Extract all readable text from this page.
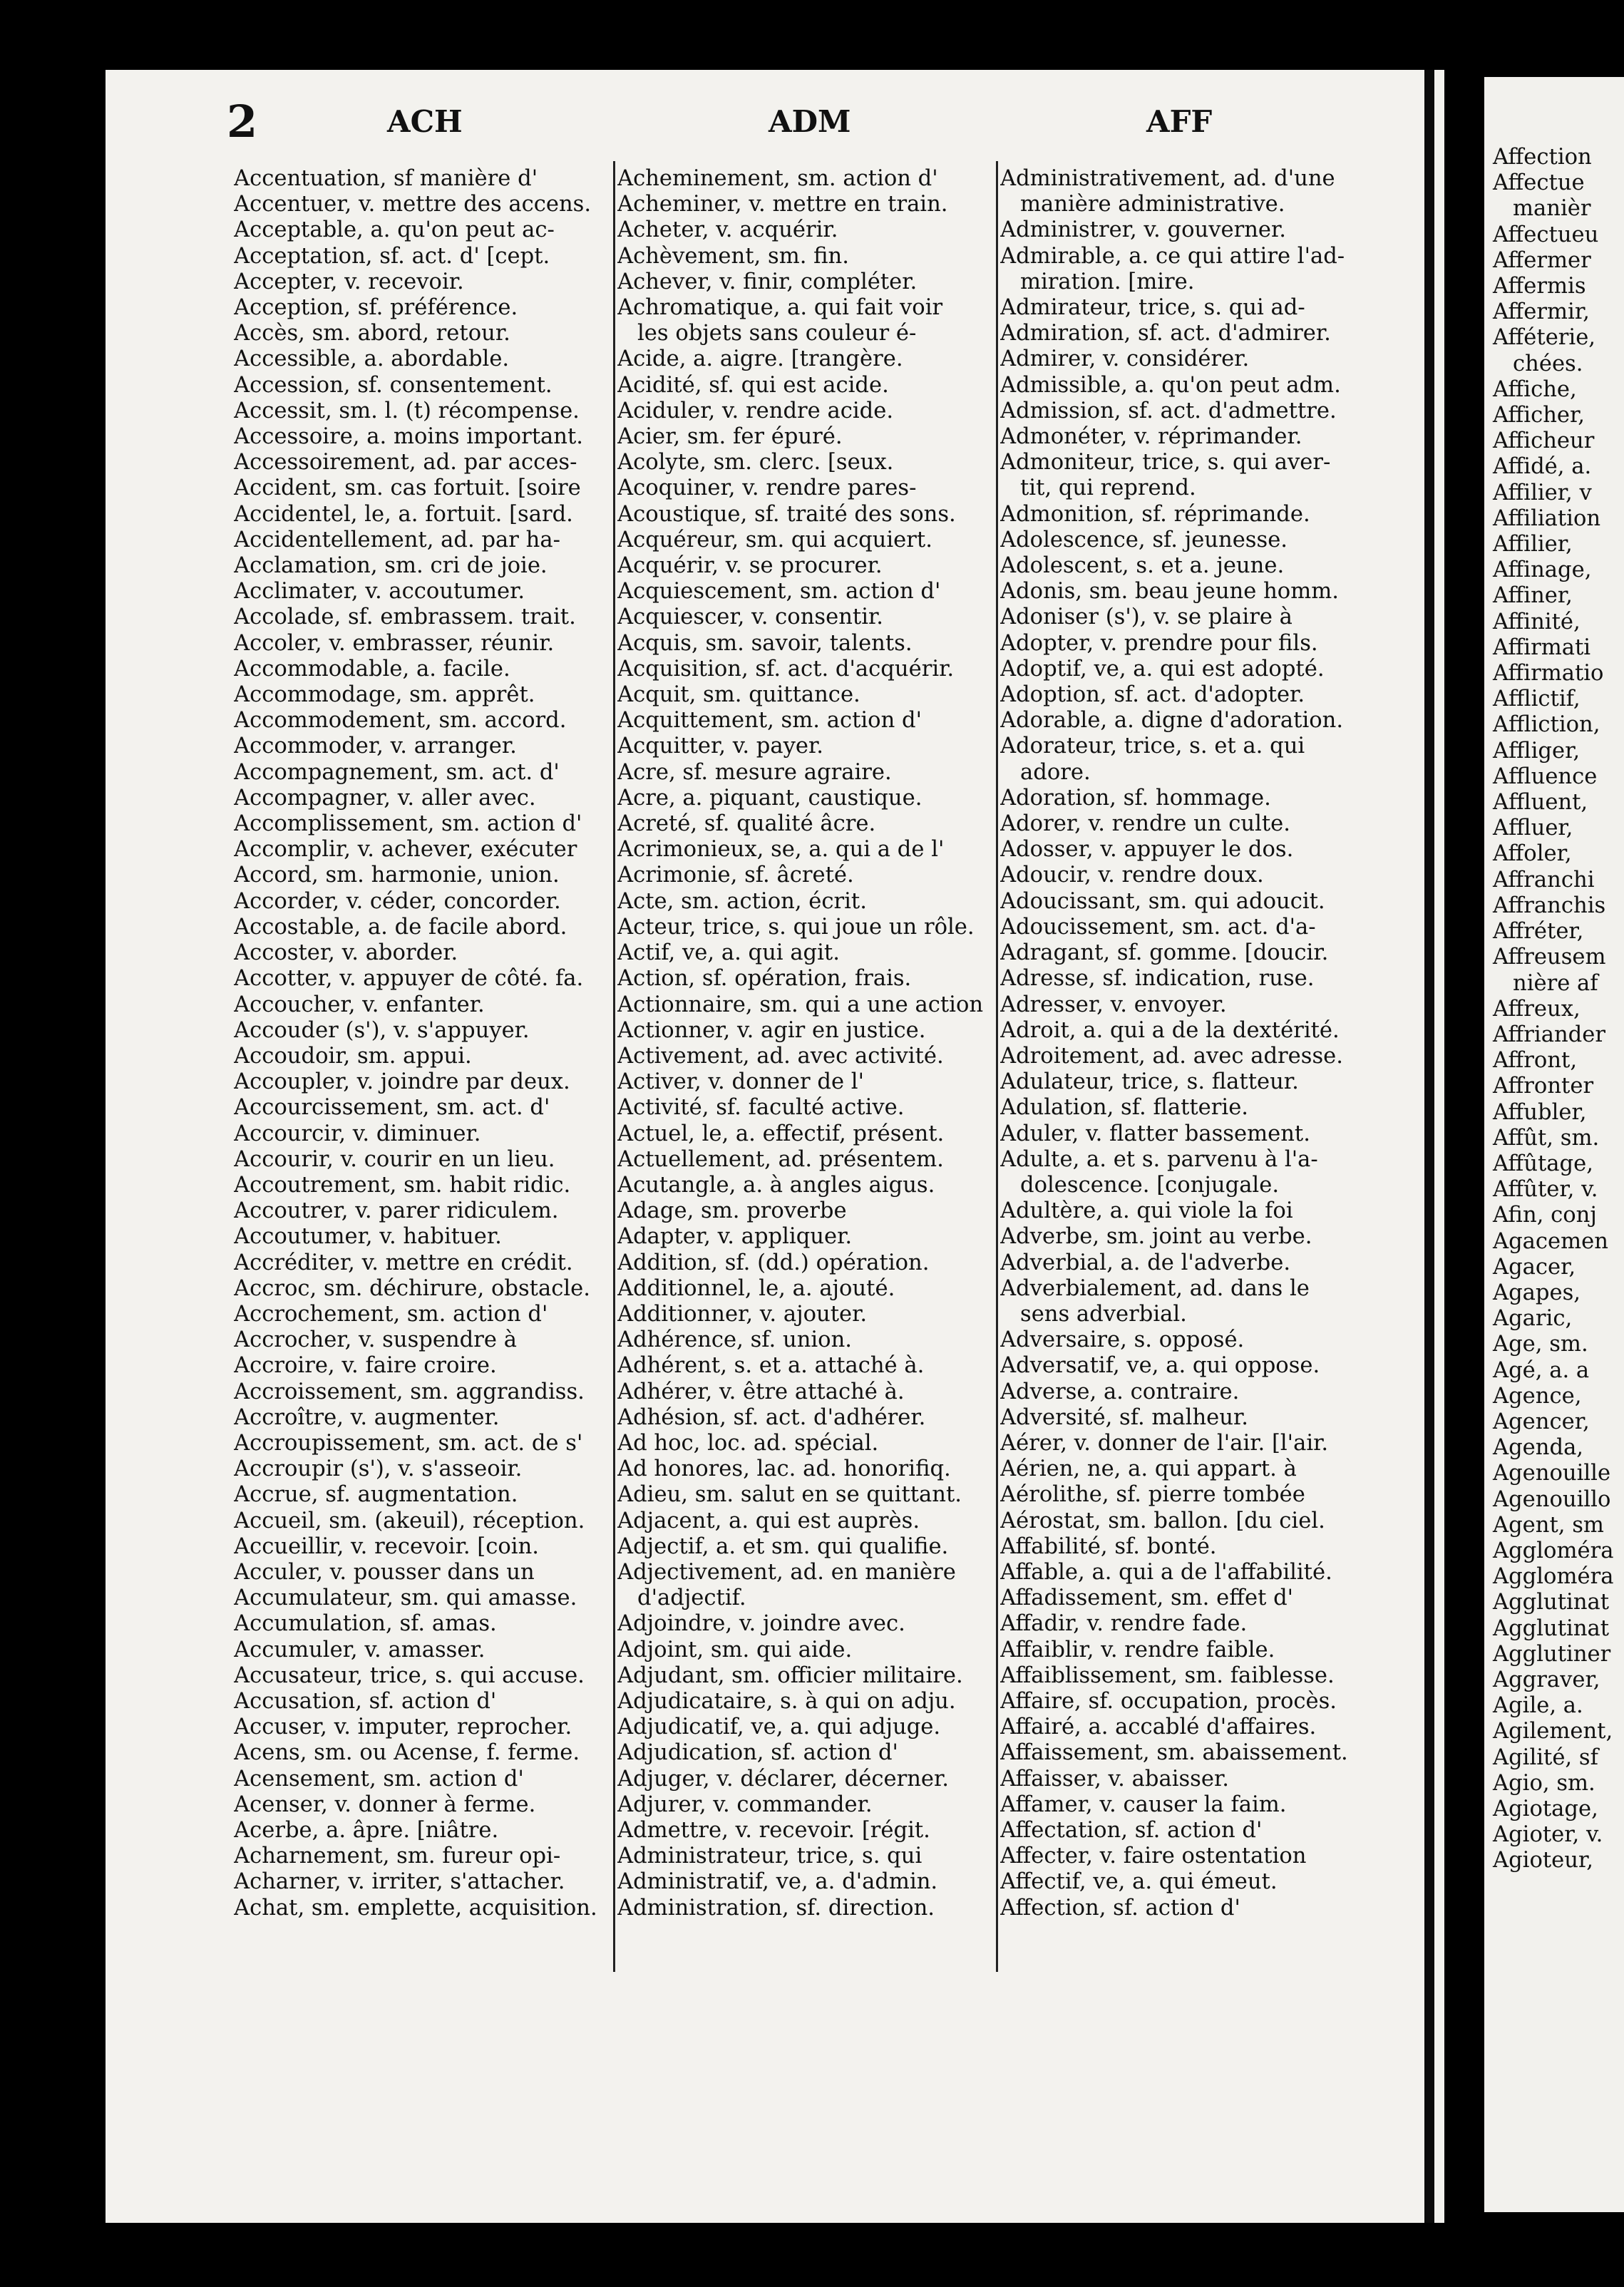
2	ACH	ADM	AFF
Accentuation, sf manière d'
Accentuer, v. mettre des accens.
Acceptable, a. qu'on peut ac-
Acceptation, sf. act. d' [cept.
Accepter, v. recevoir.
Acception, sf. préférence.
Accès, sm. abord, retour.
Accessible, a. abordable.
Accession, sf. consentement.
Accessit, sm. l. (t) récompense.
Accessoire, a. moins important.
Accessoirement, ad. par acces-
Accident, sm. cas fortuit. [soire
Accidentel, le, a. fortuit. [sard.
Accidentellement, ad. par ha-
Acclamation, sm. cri de joie.
Acclimater, v. accoutumer.
Accolade, sf. embrassem. trait.
Accoler, v. embrasser, réunir.
Accommodable, a. facile.
Accommodage, sm. apprêt.
Accommodement, sm. accord.
Accommoder, v. arranger.
Accompagnement, sm. act. d'
Accompagner, v. aller avec.
Accomplissement, sm. action d'
Accomplir, v. achever, exécuter
Accord, sm. harmonie, union.
Accorder, v. céder, concorder.
Accostable, a. de facile abord.
Accoster, v. aborder.
Accotter, v. appuyer de côté. fa.
Accoucher, v. enfanter.
Accouder (s'), v. s'appuyer.
Accoudoir, sm. appui.
Accoupler, v. joindre par deux.
Accourcissement, sm. act. d'
Accourcir, v. diminuer.
Accourir, v. courir en un lieu.
Accoutrement, sm. habit ridic.
Accoutrer, v. parer ridiculem.
Accoutumer, v. habituer.
Accréditer, v. mettre en crédit.
Accroc, sm. déchirure, obstacle.
Accrochement, sm. action d'
Accrocher, v. suspendre à
Accroire, v. faire croire.
Accroissement, sm. aggrandiss.
Accroître, v. augmenter.
Accroupissement, sm. act. de s'
Accroupir (s'), v. s'asseoir.
Accrue, sf. augmentation.
Accueil, sm. (akeuil), réception.
Accueillir, v. recevoir. [coin.
Acculer, v. pousser dans un
Accumulateur, sm. qui amasse.
Accumulation, sf. amas.
Accumuler, v. amasser.
Accusateur, trice, s. qui accuse.
Accusation, sf. action d'
Accuser, v. imputer, reprocher.
Acens, sm. ou Acense, f. ferme.
Acensement, sm. action d'
Acenser, v. donner à ferme.
Acerbe, a. âpre. [niâtre.
Acharnement, sm. fureur opi-
Acharner, v. irriter, s'attacher.
Achat, sm. emplette, acquisition.
Acheminement, sm. action d'
Acheminer, v. mettre en train.
Acheter, v. acquérir.
Achèvement, sm. fin.
Achever, v. finir, compléter.
Achromatique, a. qui fait voir
les objets sans couleur é-
Acide, a. aigre. [trangère.
Acidité, sf. qui est acide.
Aciduler, v. rendre acide.
Acier, sm. fer épuré.
Acolyte, sm. clerc. [seux.
Acoquiner, v. rendre pares-
Acoustique, sf. traité des sons.
Acquéreur, sm. qui acquiert.
Acquérir, v. se procurer.
Acquiescement, sm. action d'
Acquiescer, v. consentir.
Acquis, sm. savoir, talents.
Acquisition, sf. act. d'acquérir.
Acquit, sm. quittance.
Acquittement, sm. action d'
Acquitter, v. payer.
Acre, sf. mesure agraire.
Acre, a. piquant, caustique.
Acreté, sf. qualité âcre.
Acrimonieux, se, a. qui a de l'
Acrimonie, sf. âcreté.
Acte, sm. action, écrit.
Acteur, trice, s. qui joue un rôle.
Actif, ve, a. qui agit.
Action, sf. opération, frais.
Actionnaire, sm. qui a une action
Actionner, v. agir en justice.
Activement, ad. avec activité.
Activer, v. donner de l'
Activité, sf. faculté active.
Actuel, le, a. effectif, présent.
Actuellement, ad. présentem.
Acutangle, a. à angles aigus.
Adage, sm. proverbe
Adapter, v. appliquer.
Addition, sf. (dd.) opération.
Additionnel, le, a. ajouté.
Additionner, v. ajouter.
Adhérence, sf. union.
Adhérent, s. et a. attaché à.
Adhérer, v. être attaché à.
Adhésion, sf. act. d'adhérer.
Ad hoc, loc. ad. spécial.
Ad honores, lac. ad. honorifiq.
Adieu, sm. salut en se quittant.
Adjacent, a. qui est auprès.
Adjectif, a. et sm. qui qualifie.
Adjectivement, ad. en manière
d'adjectif.
Adjoindre, v. joindre avec.
Adjoint, sm. qui aide.
Adjudant, sm. officier militaire.
Adjudicataire, s. à qui on adju.
Adjudicatif, ve, a. qui adjuge.
Adjudication, sf. action d'
Adjuger, v. déclarer, décerner.
Adjurer, v. commander.
Admettre, v. recevoir. [régit.
Administrateur, trice, s. qui
Administratif, ve, a. d'admin.
Administration, sf. direction.
Administrativement, ad. d'une
manière administrative.
Administrer, v. gouverner.
Admirable, a. ce qui attire l'ad-
miration. [mire.
Admirateur, trice, s. qui ad-
Admiration, sf. act. d'admirer.
Admirer, v. considérer.
Admissible, a. qu'on peut adm.
Admission, sf. act. d'admettre.
Admonéter, v. réprimander.
Admoniteur, trice, s. qui aver-
tit, qui reprend.
Admonition, sf. réprimande.
Adolescence, sf. jeunesse.
Adolescent, s. et a. jeune.
Adonis, sm. beau jeune homm.
Adoniser (s'), v. se plaire à
Adopter, v. prendre pour fils.
Adoptif, ve, a. qui est adopté.
Adoption, sf. act. d'adopter.
Adorable, a. digne d'adoration.
Adorateur, trice, s. et a. qui
adore.
Adoration, sf. hommage.
Adorer, v. rendre un culte.
Adosser, v. appuyer le dos.
Adoucir, v. rendre doux.
Adoucissant, sm. qui adoucit.
Adoucissement, sm. act. d'a-
Adragant, sf. gomme. [doucir.
Adresse, sf. indication, ruse.
Adresser, v. envoyer.
Adroit, a. qui a de la dextérité.
Adroitement, ad. avec adresse.
Adulateur, trice, s. flatteur.
Adulation, sf. flatterie.
Aduler, v. flatter bassement.
Adulte, a. et s. parvenu à l'a-
dolescence. [conjugale.
Adultère, a. qui viole la foi
Adverbe, sm. joint au verbe.
Adverbial, a. de l'adverbe.
Adverbialement, ad. dans le
sens adverbial.
Adversaire, s. opposé.
Adversatif, ve, a. qui oppose.
Adverse, a. contraire.
Adversité, sf. malheur.
Aérer, v. donner de l'air. [l'air.
Aérien, ne, a. qui appart. à
Aérolithe, sf. pierre tombée
Aérostat, sm. ballon. [du ciel.
Affabilité, sf. bonté.
Affable, a. qui a de l'affabilité.
Affadissement, sm. effet d'
Affadir, v. rendre fade.
Affaiblir, v. rendre faible.
Affaiblissement, sm. faiblesse.
Affaire, sf. occupation, procès.
Affairé, a. accablé d'affaires.
Affaissement, sm. abaissement.
Affaisser, v. abaisser.
Affamer, v. causer la faim.
Affectation, sf. action d'
Affecter, v. faire ostentation
Affectif, ve, a. qui émeut.
Affection, sf. action d'
Affection
Affectue
manièr
Affectueu
Affermer
Affermis
Affermir,
Afféterie,
chées.
Affiche,
Afficher,
Afficheur
Affidé, a.
Affilier, v
Affiliation
Affilier,
Affinage,
Affiner,
Affinité,
Affirmati
Affirmatio
Afflictif,
Affliction,
Affliger,
Affluence
Affluent,
Affluer,
Affoler,
Affranchi
Affranchis
Affréter,
Affreusem
nière af
Affreux,
Affriander
Affront,
Affronter
Affubler,
Affût, sm.
Affûtage,
Affûter, v.
Afin, conj
Agacemen
Agacer,
Agapes,
Agaric,
Age, sm.
Agé, a. a
Agence,
Agencer,
Agenda,
Agenouille
Agenouillo
Agent, sm
Aggloméra
Aggloméra
Agglutinat
Agglutinat
Agglutiner
Aggraver,
Agile, a.
Agilement,
Agilité, sf
Agio, sm.
Agiotage,
Agioter, v.
Agioteur,
